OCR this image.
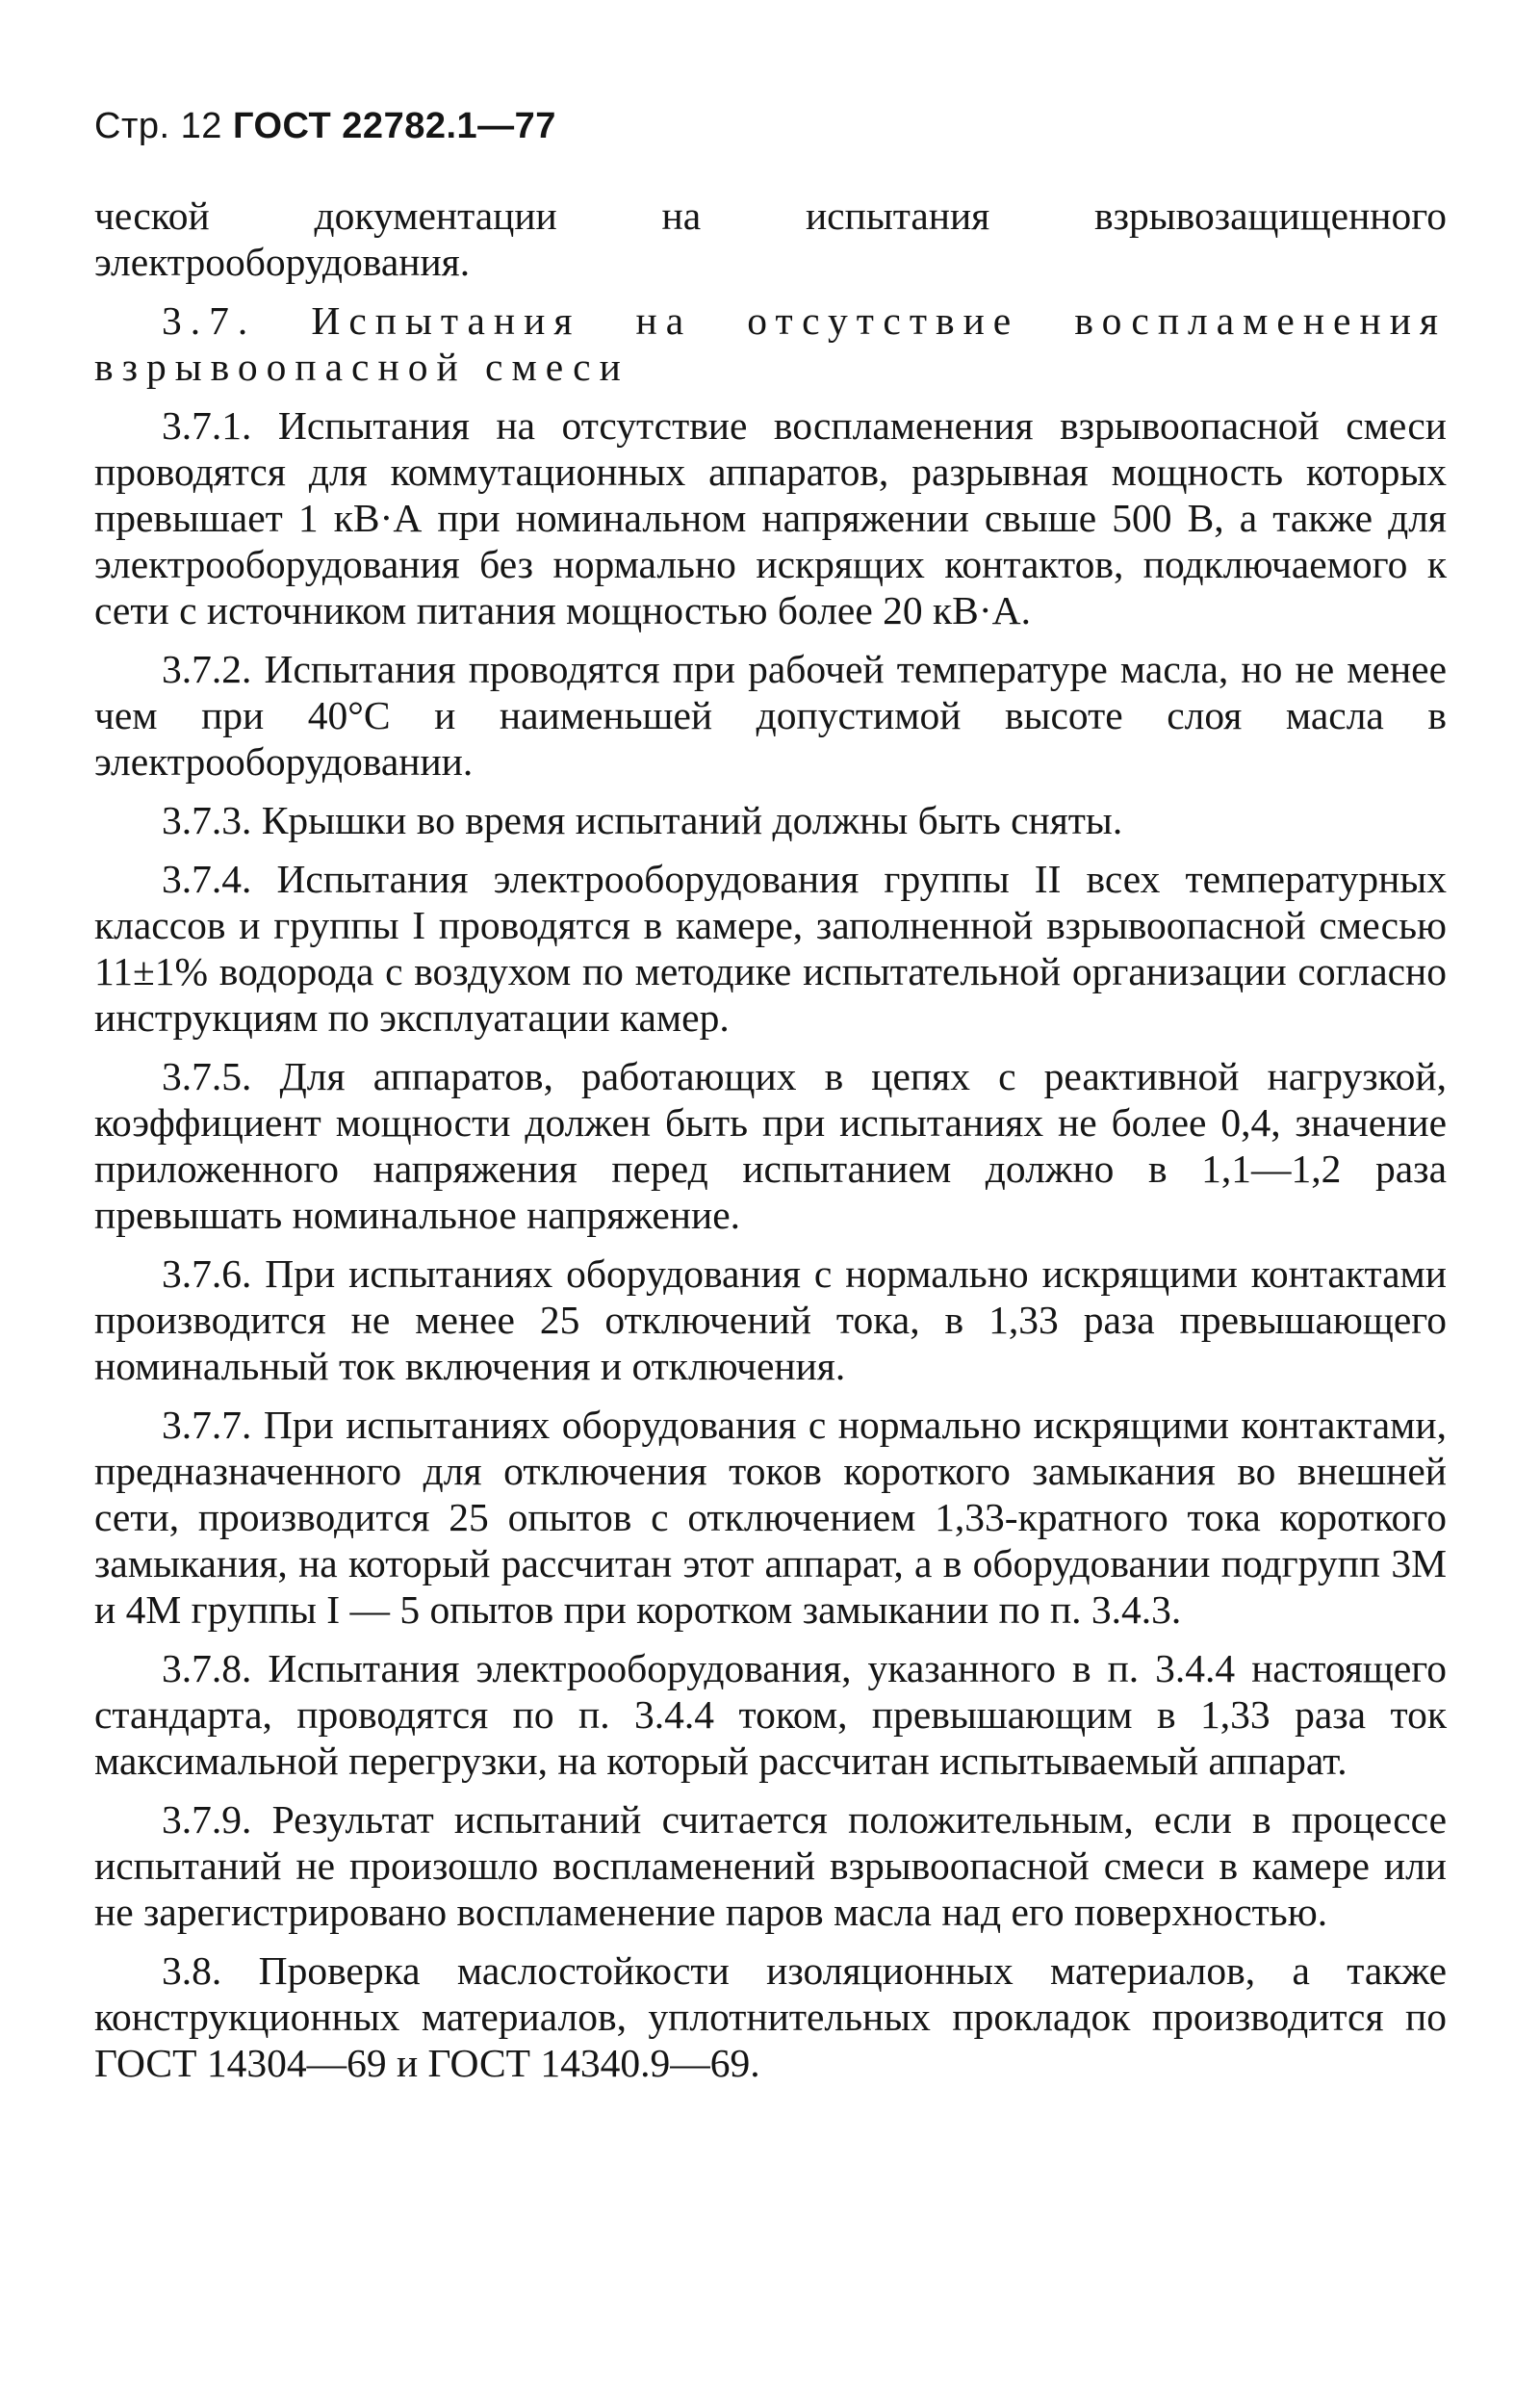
Стр. 12 ГОСТ 22782.1—77

ческой документации на испытания взрывозащищенного электрооборудования.

3.7. Испытания на отсутствие воспламенения взрывоопасной смеси

3.7.1. Испытания на отсутствие воспламенения взрывоопасной смеси проводятся для коммутационных аппаратов, разрывная мощность которых превышает 1 кВ·А при номинальном напряжении свыше 500 В, а также для электрооборудования без нормально искрящих контактов, подключаемого к сети с источником питания мощностью более 20 кВ·А.

3.7.2. Испытания проводятся при рабочей температуре масла, но не менее чем при 40°С и наименьшей допустимой высоте слоя масла в электрооборудовании.

3.7.3. Крышки во время испытаний должны быть сняты.

3.7.4. Испытания электрооборудования группы II всех температурных классов и группы I проводятся в камере, заполненной взрывоопасной смесью 11±1% водорода с воздухом по методике испытательной организации согласно инструкциям по эксплуатации камер.

3.7.5. Для аппаратов, работающих в цепях с реактивной нагрузкой, коэффициент мощности должен быть при испытаниях не более 0,4, значение приложенного напряжения перед испытанием должно в 1,1—1,2 раза превышать номинальное напряжение.

3.7.6. При испытаниях оборудования с нормально искрящими контактами производится не менее 25 отключений тока, в 1,33 раза превышающего номинальный ток включения и отключения.

3.7.7. При испытаниях оборудования с нормально искрящими контактами, предназначенного для отключения токов короткого замыкания во внешней сети, производится 25 опытов с отключением 1,33-кратного тока короткого замыкания, на который рассчитан этот аппарат, а в оборудовании подгрупп 3М и 4М группы I — 5 опытов при коротком замыкании по п. 3.4.3.

3.7.8. Испытания электрооборудования, указанного в п. 3.4.4 настоящего стандарта, проводятся по п. 3.4.4 током, превышающим в 1,33 раза ток максимальной перегрузки, на который рассчитан испытываемый аппарат.

3.7.9. Результат испытаний считается положительным, если в процессе испытаний не произошло воспламенений взрывоопасной смеси в камере или не зарегистрировано воспламенение паров масла над его поверхностью.

3.8. Проверка маслостойкости изоляционных материалов, а также конструкционных материалов, уплотнительных прокладок производится по ГОСТ 14304—69 и ГОСТ 14340.9—69.
